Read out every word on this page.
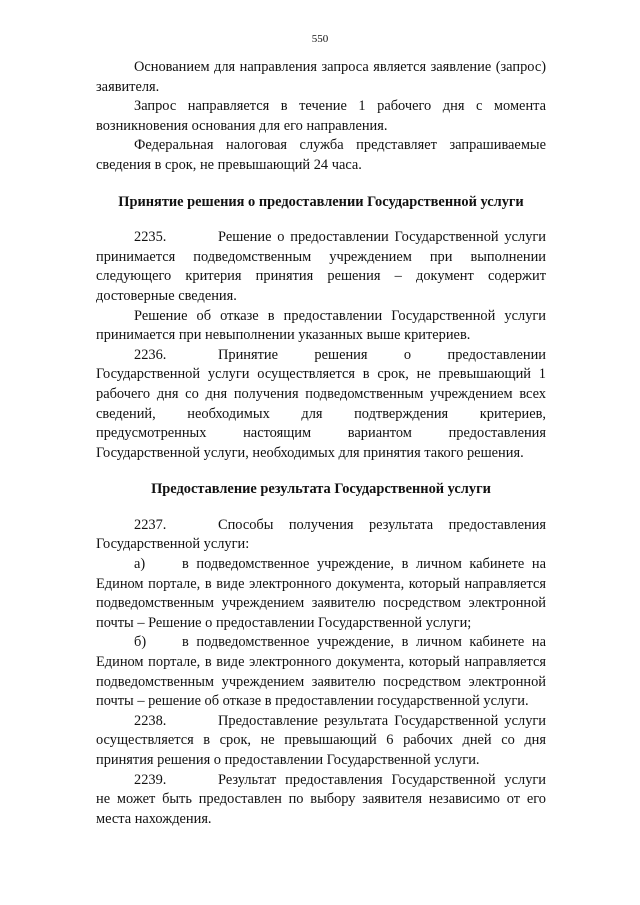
550

Основанием для направления запроса является заявление (запрос) заявителя.

Запрос направляется в течение 1 рабочего дня с момента возникновения основания для его направления.

Федеральная налоговая служба представляет запрашиваемые сведения в срок, не превышающий 24 часа.

Принятие решения о предоставлении Государственной услуги

2235.	Решение о предоставлении Государственной услуги принимается подведомственным учреждением при выполнении следующего критерия принятия решения – документ содержит достоверные сведения.

Решение об отказе в предоставлении Государственной услуги принимается при невыполнении указанных выше критериев.

2236.	Принятие решения о предоставлении Государственной услуги осуществляется в срок, не превышающий 1 рабочего дня со дня получения подведомственным учреждением всех сведений, необходимых для подтверждения критериев, предусмотренных настоящим вариантом предоставления Государственной услуги, необходимых для принятия такого решения.

Предоставление результата Государственной услуги

2237.	Способы получения результата предоставления Государственной услуги:

а)	в подведомственное учреждение, в личном кабинете на Едином портале, в виде электронного документа, который направляется подведомственным учреждением заявителю посредством электронной почты – Решение о предоставлении Государственной услуги;

б) в подведомственное учреждение, в личном кабинете на Едином портале, в виде электронного документа, который направляется подведомственным учреждением заявителю посредством электронной почты – решение об отказе в предоставлении государственной услуги.

2238.	Предоставление результата Государственной услуги осуществляется в срок, не превышающий 6 рабочих дней со дня принятия решения о предоставлении Государственной услуги.

2239.	Результат предоставления Государственной услуги не может быть предоставлен по выбору заявителя независимо от его места нахождения.
